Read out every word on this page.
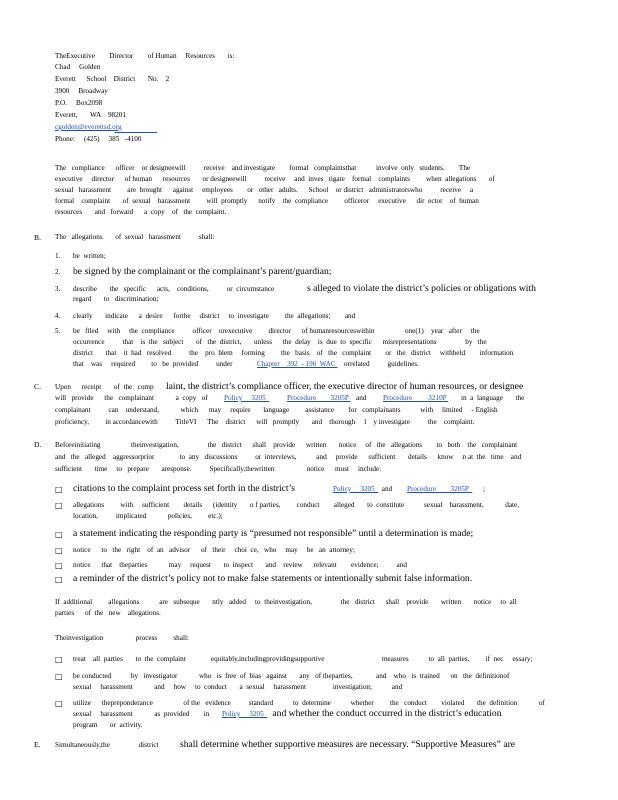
TheExecutive        Director        of Human     Resources       is:
Chad     Golden
Everett      School    District       No.    2
3900     Broadway
P.O.     Box2098
Everett,       WA    98201
cgolden@everettsd.org
Phone:     (425)     385   -4100
The   compliance      officer    or designeewill          receive    and investigate        formal   complaintsthat           involve  only   students.        The
executive     director      of human      resources       or designeewill          receive     and  inves   tigate    formal    complaints         when  allegations       of
sexual   harassment         are  brought      against     employees        or   other   adults.      School    or district   administratorswho          receive     a
formal    complaint       of  sexual    harassment         will  promptly      notify    the  compliance         officeror     executive      dir  ector    of  human
resources       and   forward      a  copy    of   the  complaint.
B. The   allegations       of  sexual   harassment          shall:
1. be  written;
2. be signed by the complainant or the complainant’s parent/guardian;
3. describe       the   specific      acts,    conditions,          or  circumstance	s alleged to violate the district’s policies or obligations with
regard       to   discrimination;
4. clearly       indicate      a  desire      forthe     district     to  investigate         the  allegations;        and
5. be   filed     with     the  compliance          officer    orexecutive         director      of humanresourceswithin                 one(1)    year   after     the
occurrence          that    is  the   subject       of   the  district,       unless      the  delay    is  due  to  specific      misrepresentations                by   the
district       that    it  had   resolved          the    pro  blem     forming         the   basis    of   the   complaint        or   the   district     withheld        information
that    was     required         to   be  provided          under	Chapter    392  - 190  WAC orrelated          guidelines.
C. Upon      receipt       of  the   comp laint, the district’s compliance officer, the executive director of human resources, or designee
will   provide      the   complainant            a  copy   of Policy     3205 Procedure        3205P and Procedure         3210P in  a  language       the
complainant          can    understand,            which      may     require       language         assistance        for   complainants           with     limited     - English
proficiency,         in accordancewith          TitleVI      The    district      will   promptly       and    thorough     l    y investigate          the    complaint.
D. Beforeinitiating                 theinvestigation,                the   district      shall    provide      written       notice     of   the   allegations        to   both    the   complainant
and   the   alleged    aggressorprior              to  any   discussions          or  interviews,           and     provide      sufficient       details      know     n at  the   time    and
sufficient       time     to   prepare       aresponse.          Specifically,thewritten                  notice      must     include:
□ citations to the complaint process set forth in the district’s	Policy     3205 and Procedure        3205P ;
□ allegations         with     sufficient        details      (identity       o f parties,         conduct        alleged       to  constitute           sexual    harassment,            date,
location,          implicated            policies,         etc.);
□ a statement indicating the responding party is “presumed not responsible” until a determination is made;
□ notice      to   the   right    of  an   advisor      of   their     choi  ce,   who     may     be   an  attorney;
□ notice      that    theparties            may     request       to  inspect       and    review      relevant        evidence;          and
□ a reminder of the district’s policy not to make false statements or intentionally submit false information.
If  additional         allegations           are   subseque       ntly   added     to  theinvestigation,                the   district      shall    provide       written       notice     to  all
parties      of  the   new    allegations.
Theinvestigation                  process         shall:
□ treat    all  parties       to  the  complaint              equitably,includingprovidingsupportive                                measures           to  all  parties,         if  nec     essary;
□ be conducted           by   investigator            who   is  free  of  bias   against       any   of theparties,             and    who   is  trained      on   the  definitionof
sexual     harassment            and     how     to  conduct       a  sexual     harassment               investigation;           and
□ utilize      thepreponderance                 of the   evidence          standard           to  determine           whether         the   conduct        violated       the  definition            of
sexual     harassment            as  provided        in Policy     3205 and whether the conduct occurred in the district’s education
program       or  activity.
E. Simultaneously,the                district shall determine whether supportive measures are necessary. “Supportive Measures” are
